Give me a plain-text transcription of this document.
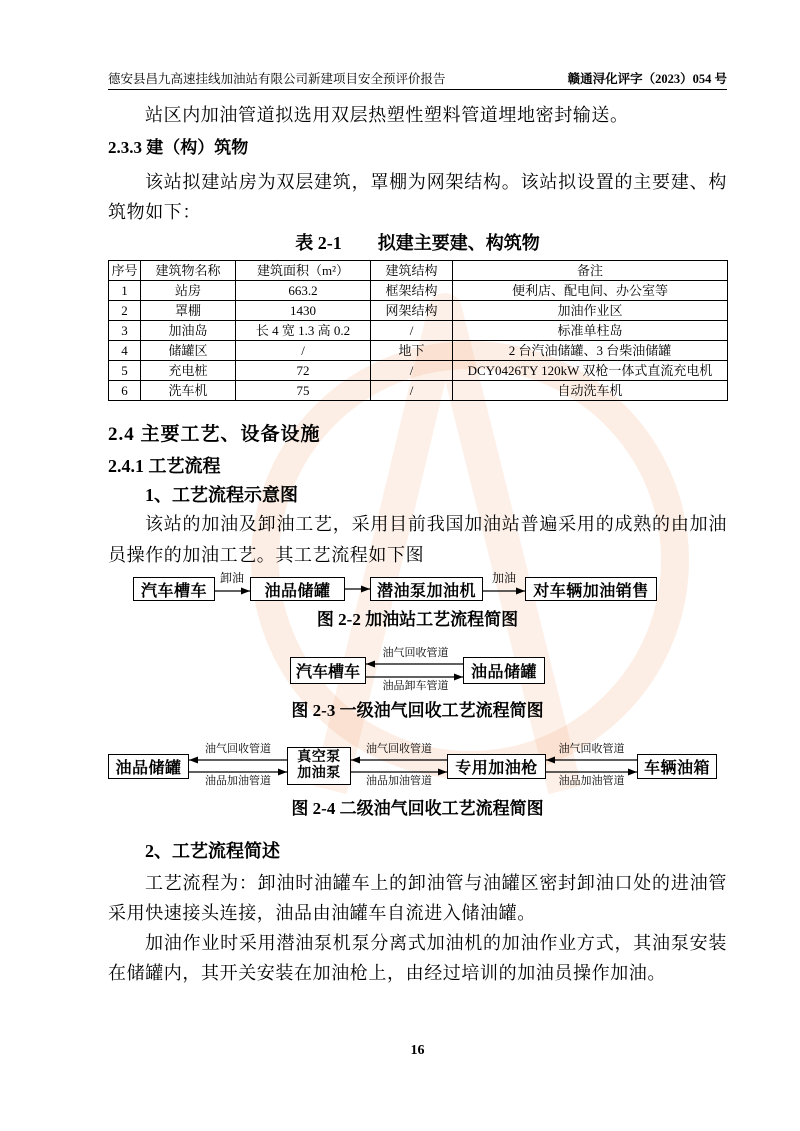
德安县昌九高速挂线加油站有限公司新建项目安全预评价报告	赣通浔化评字（2023）054 号
站区内加油管道拟选用双层热塑性塑料管道埋地密封输送。
2.3.3 建（构）筑物
该站拟建站房为双层建筑，罩棚为网架结构。该站拟设置的主要建、构筑物如下：
表 2-1　　拟建主要建、构筑物
序号	建筑物名称	建筑面积（m²）	建筑结构	备注
1	站房	663.2	框架结构	便利店、配电间、办公室等
2	罩棚	1430	网架结构	加油作业区
3	加油岛	长 4 宽 1.3 高 0.2	/	标准单柱岛
4	储罐区	/	地下	2 台汽油储罐、3 台柴油储罐
5	充电桩	72	/	DCY0426TY 120kW 双枪一体式直流充电机
6	洗车机	75	/	自动洗车机
2.4 主要工艺、设备设施
2.4.1 工艺流程
1、工艺流程示意图
该站的加油及卸油工艺，采用目前我国加油站普遍采用的成熟的由加油员操作的加油工艺。其工艺流程如下图
汽车槽车
卸油
油品储罐	潜油泵加油机
加油
对车辆加油销售
图 2-2 加油站工艺流程简图
汽车槽车
油气回收管道
油品卸车管道
油品储罐
图 2-3 一级油气回收工艺流程简图
油品储罐
油气回收管道
油品加油管道
真空泵
加油泵
油气回收管道
油品加油管道
专用加油枪
油气回收管道
油品加油管道
车辆油箱
图 2-4 二级油气回收工艺流程简图
2、工艺流程简述
工艺流程为：卸油时油罐车上的卸油管与油罐区密封卸油口处的进油管采用快速接头连接，油品由油罐车自流进入储油罐。
加油作业时采用潜油泵机泵分离式加油机的加油作业方式，其油泵安装在储罐内，其开关安装在加油枪上，由经过培训的加油员操作加油。
16
